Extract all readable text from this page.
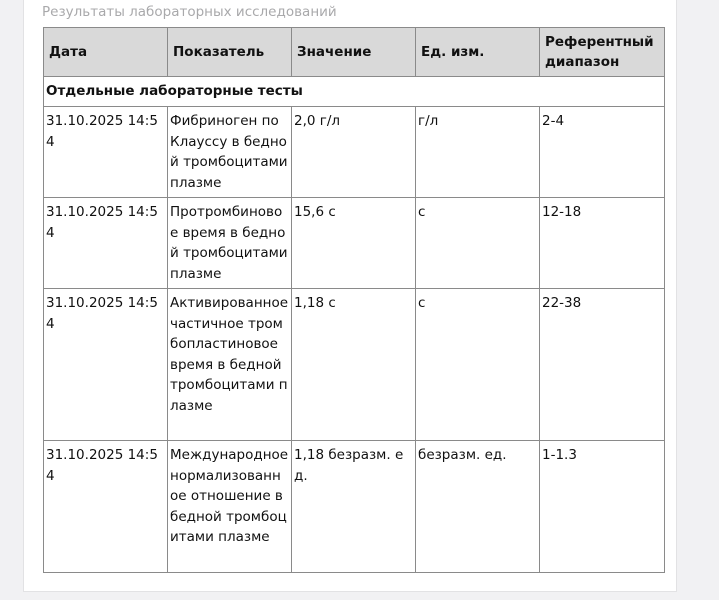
Результаты лабораторных исследований
Дата	Показатель	Значение	Ед. изм.	Референтный диапазон
Отдельные лабораторные тесты				
31.10.2025 14:54	Фибриноген по Клауссу в бедной тромбоцитами плазме	2,0 г/л	г/л	2-4
31.10.2025 14:54	Протромбиновое время в бедной тромбоцитами плазме	15,6 с	с	12-18
31.10.2025 14:54	Активированное частичное тромбопластиновое время в бедной тромбоцитами плазме	1,18 с	с	22-38
31.10.2025 14:54	Международное нормализованное отношение в бедной тромбоцитами плазме	1,18 безразм. ед.	безразм. ед.	1-1.3
